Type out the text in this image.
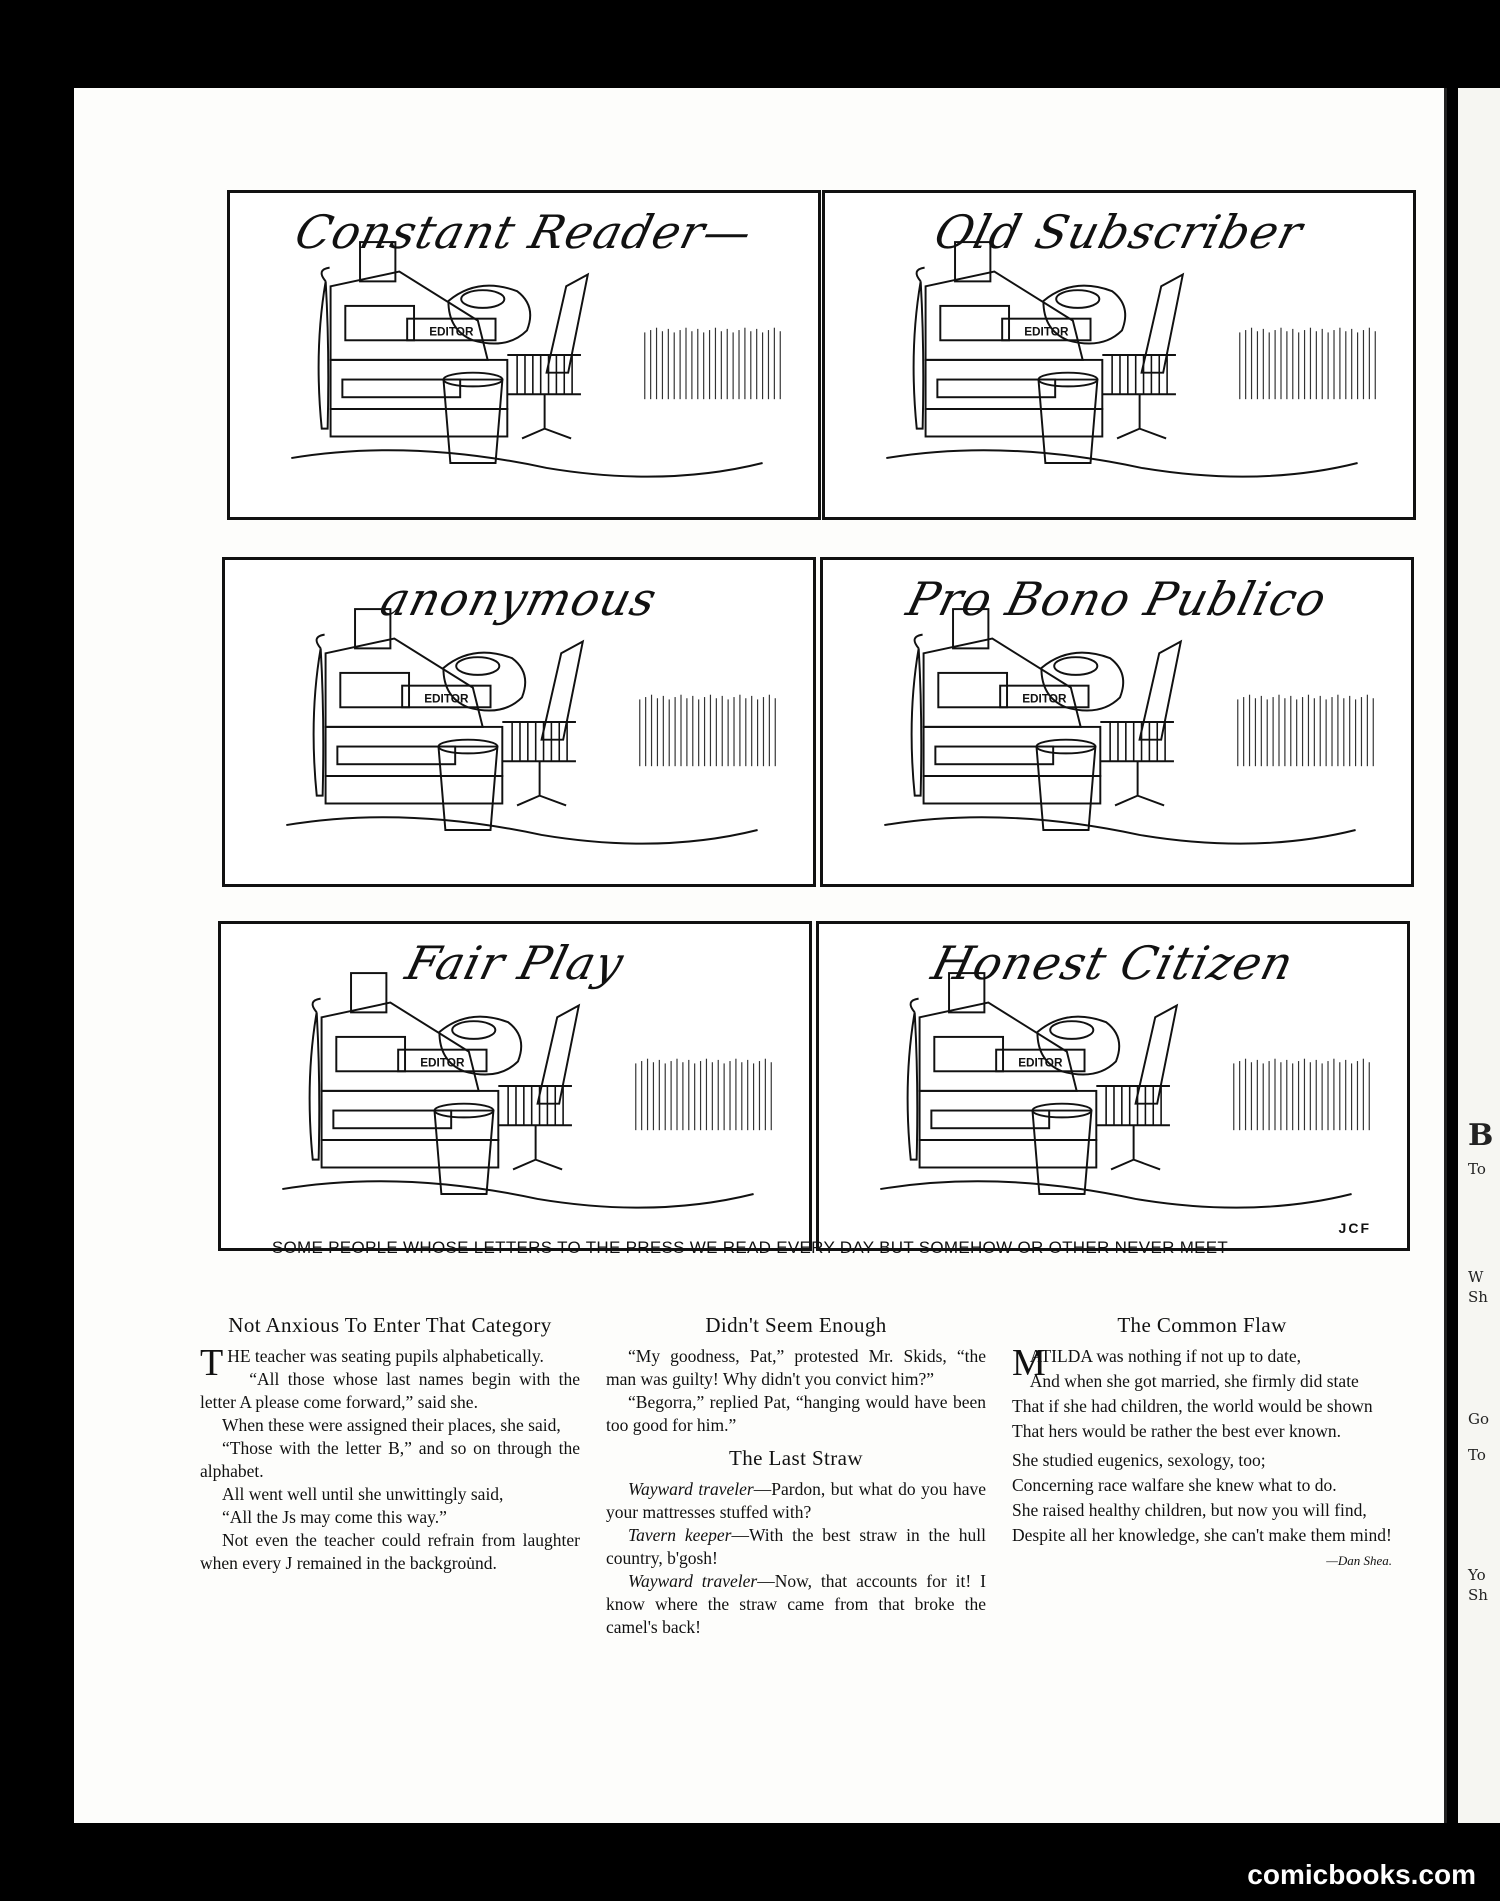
B
To
W
Sh
Go
To
Yo
Sh
EDITOR
Constant Reader—
EDITOR
Old Subscriber
EDITOR
anonymous
EDITOR
Pro Bono Publico
EDITOR
Fair Play
EDITOR
Honest Citizen
JCF
SOME PEOPLE WHOSE LETTERS TO THE PRESS WE READ EVERY DAY BUT SOMEHOW OR OTHER NEVER MEET
Not Anxious To Enter That Category

THE teacher was seating pupils alphabetically.

“All those whose last names begin with the letter A please come forward,” said she.

When these were assigned their places, she said,

“Those with the letter B,” and so on through the alphabet.

All went well until she unwittingly said,

“All the Js may come this way.”

Not even the teacher could refrain from laughter when every J remained in the backgrou̇nd.

Didn't Seem Enough

“My goodness, Pat,” protested Mr. Skids, “the man was guilty! Why didn't you convict him?”

“Begorra,” replied Pat, “hanging would have been too good for him.”

The Last Straw

Wayward traveler—Pardon, but what do you have your mattresses stuffed with?

Tavern keeper—With the best straw in the hull country, b'gosh!

Wayward traveler—Now, that accounts for it! I know where the straw came from that broke the camel's back!

The Common Flaw

M
ATILDA was nothing if not up to date,

And when she got married, she firmly did state

That if she had children, the world would be shown

That hers would be rather the best ever known.

She studied eugenics, sexology, too;

Concerning race walfare she knew what to do.

She raised healthy children, but now you will find,

Despite all her knowledge, she can't make them mind!

—Dan Shea.

comicbooks.com
